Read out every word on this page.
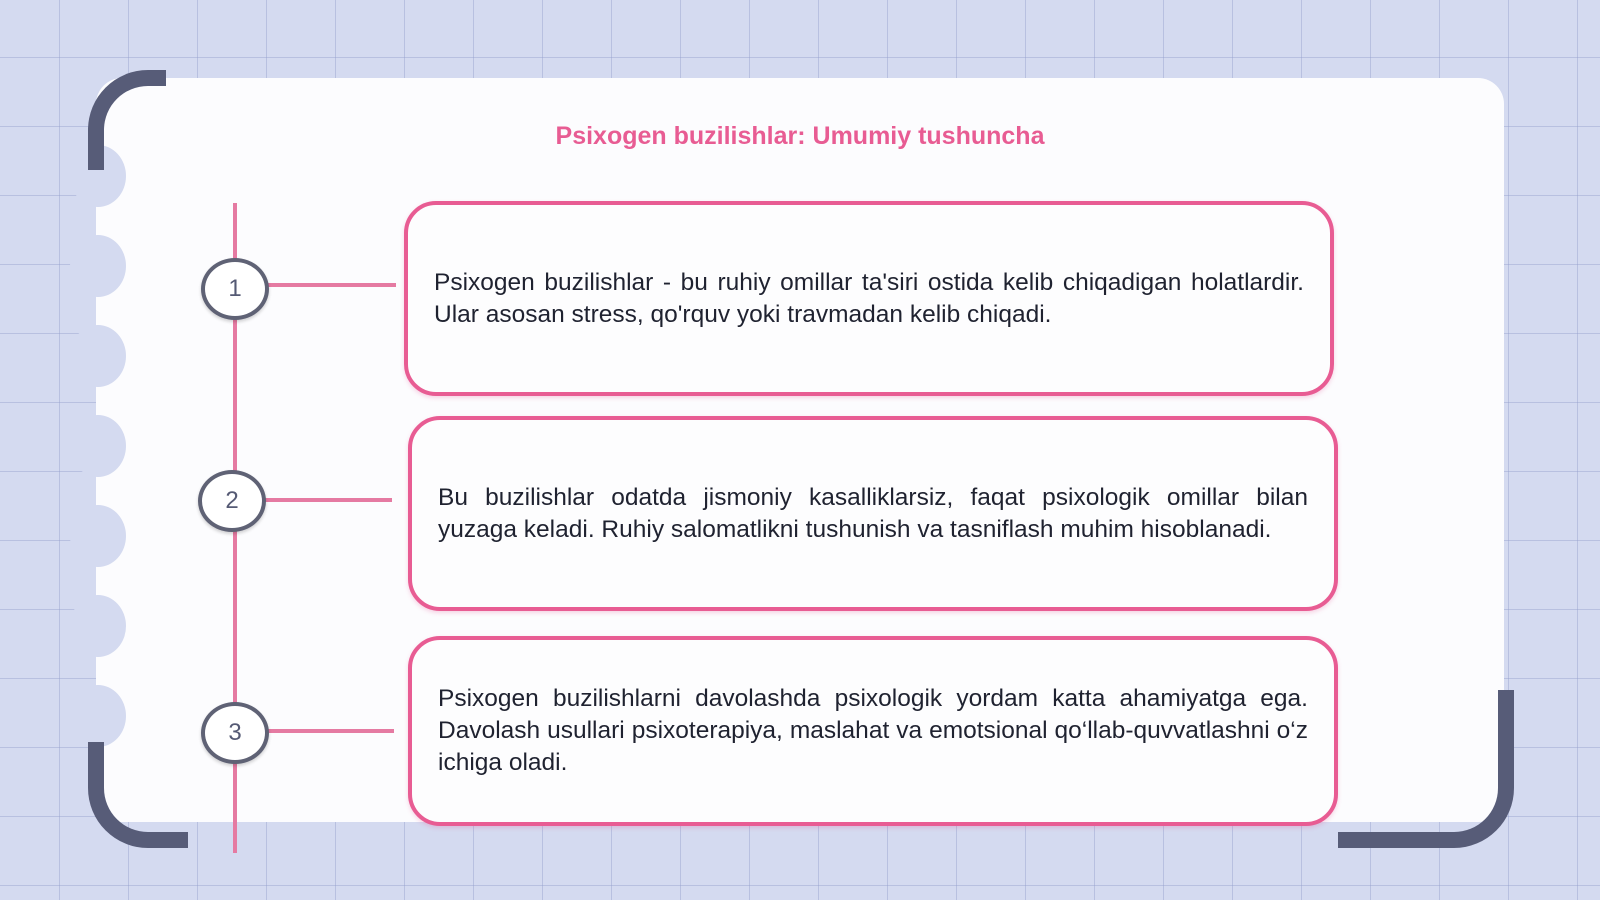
Psixogen buzilishlar: Umumiy tushuncha
1
2
3

Psixogen buzilishlar - bu ruhiy omillar ta'siri ostida kelib chiqadigan holatlardir. Ular asosan stress, qo'rquv yoki travmadan kelib chiqadi.

Bu buzilishlar odatda jismoniy kasalliklarsiz, faqat psixologik omillar bilan yuzaga keladi. Ruhiy salomatlikni tushunish va tasniflash muhim hisoblanadi.

Psixogen buzilishlarni davolashda psixologik yordam katta ahamiyatga ega. Davolash usullari psixoterapiya, maslahat va emotsional qo‘llab-quvvatlashni o‘z ichiga oladi.
